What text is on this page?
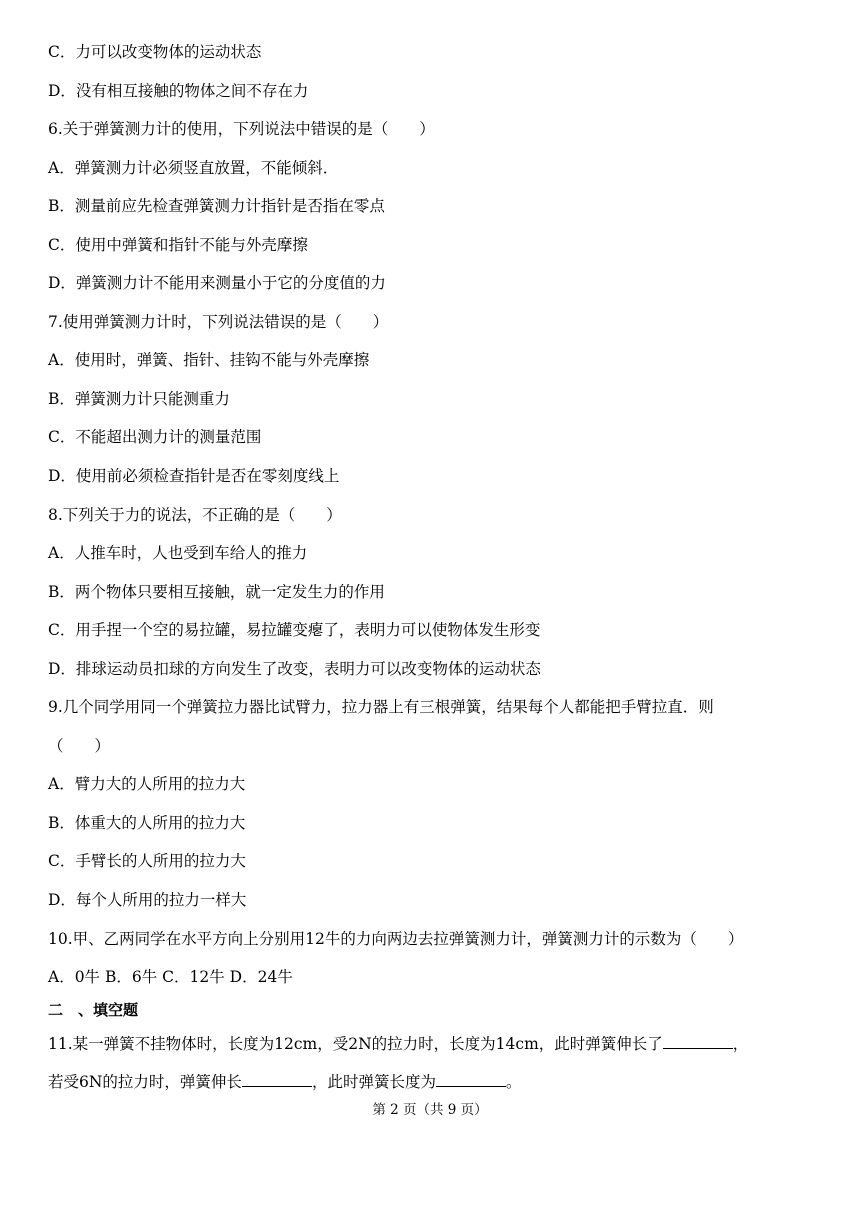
C．力可以改变物体的运动状态
D．没有相互接触的物体之间不存在力
6.关于弹簧测力计的使用，下列说法中错误的是（　　）
A．弹簧测力计必须竖直放置，不能倾斜．
B．测量前应先检查弹簧测力计指针是否指在零点
C．使用中弹簧和指针不能与外壳摩擦
D．弹簧测力计不能用来测量小于它的分度值的力
7.使用弹簧测力计时，下列说法错误的是（　　）
A．使用时，弹簧、指针、挂钩不能与外壳摩擦
B．弹簧测力计只能测重力
C．不能超出测力计的测量范围
D．使用前必须检查指针是否在零刻度线上
8.下列关于力的说法，不正确的是（　　）
A．人推车时，人也受到车给人的推力
B．两个物体只要相互接触，就一定发生力的作用
C．用手捏一个空的易拉罐，易拉罐变瘪了，表明力可以使物体发生形变
D．排球运动员扣球的方向发生了改变，表明力可以改变物体的运动状态
9.几个同学用同一个弹簧拉力器比试臂力，拉力器上有三根弹簧，结果每个人都能把手臂拉直．则
（　　）
A．臂力大的人所用的拉力大
B．体重大的人所用的拉力大
C．手臂长的人所用的拉力大
D．每个人所用的拉力一样大
10.甲、乙两同学在水平方向上分别用12牛的力向两边去拉弹簧测力计，弹簧测力计的示数为（　　）
A．0牛 B．6牛 C．12牛 D．24牛
二　、填空题
11.某一弹簧不挂物体时，长度为12cm，受2N的拉力时，长度为14cm，此时弹簧伸长了	，
若受6N的拉力时，弹簧伸长	，此时弹簧长度为	。
第 2 页（共 9 页）
